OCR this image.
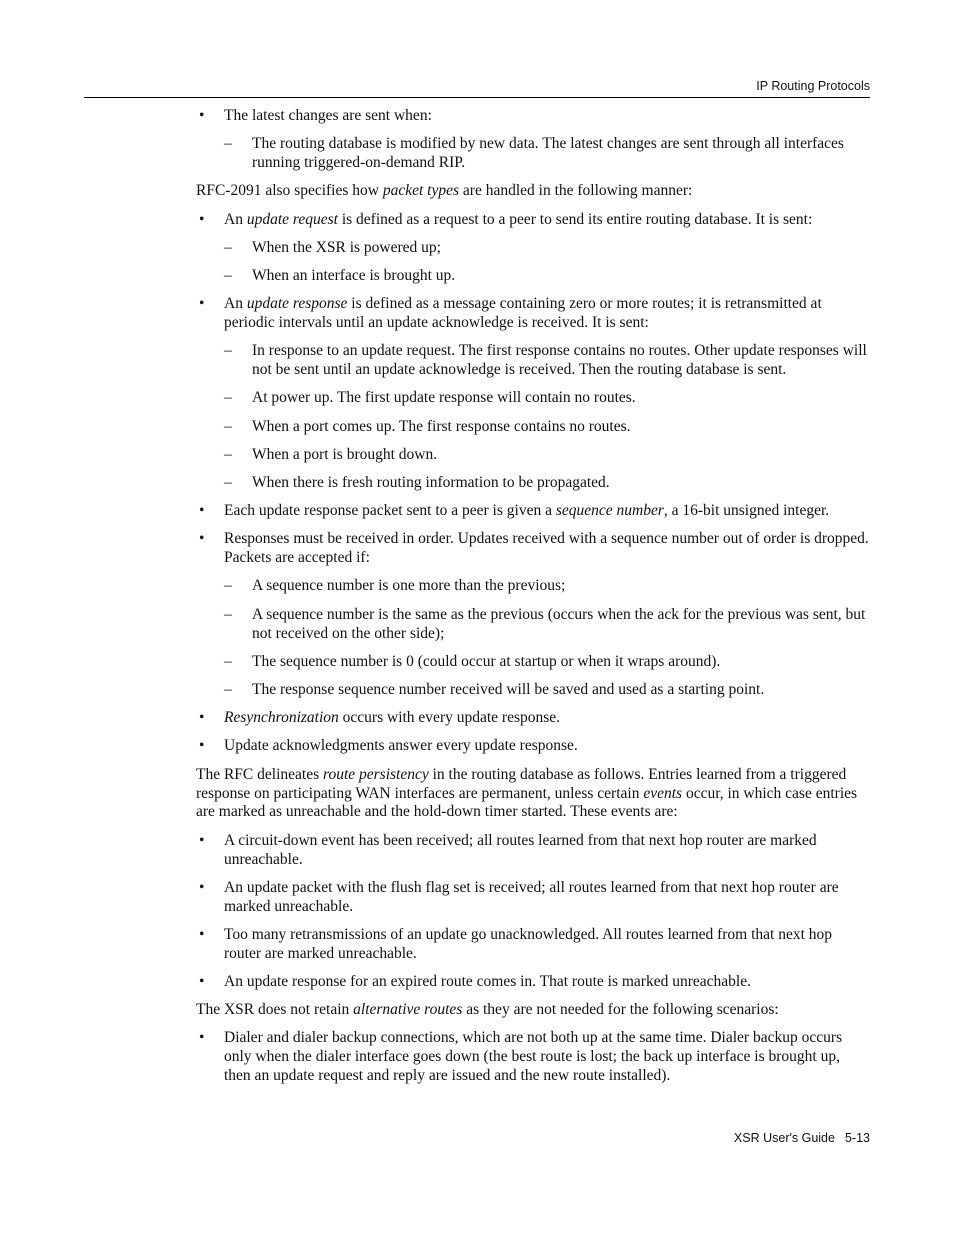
IP Routing Protocols
• The latest changes are sent when:
– The routing database is modified by new data. The latest changes are sent through all interfaces running triggered-on-demand RIP.
RFC-2091 also specifies how packet types are handled in the following manner:
• An update request is defined as a request to a peer to send its entire routing database. It is sent:
– When the XSR is powered up;
– When an interface is brought up.
• An update response is defined as a message containing zero or more routes; it is retransmitted at periodic intervals until an update acknowledge is received. It is sent:
– In response to an update request. The first response contains no routes. Other update responses will not be sent until an update acknowledge is received. Then the routing database is sent.
– At power up. The first update response will contain no routes.
– When a port comes up. The first response contains no routes.
– When a port is brought down.
– When there is fresh routing information to be propagated.
• Each update response packet sent to a peer is given a sequence number, a 16-bit unsigned integer.
• Responses must be received in order. Updates received with a sequence number out of order is dropped. Packets are accepted if:
– A sequence number is one more than the previous;
– A sequence number is the same as the previous (occurs when the ack for the previous was sent, but not received on the other side);
– The sequence number is 0 (could occur at startup or when it wraps around).
– The response sequence number received will be saved and used as a starting point.
• Resynchronization occurs with every update response.
• Update acknowledgments answer every update response.
The RFC delineates route persistency in the routing database as follows. Entries learned from a triggered response on participating WAN interfaces are permanent, unless certain events occur, in which case entries are marked as unreachable and the hold-down timer started. These events are:
• A circuit-down event has been received; all routes learned from that next hop router are marked unreachable.
• An update packet with the flush flag set is received; all routes learned from that next hop router are marked unreachable.
• Too many retransmissions of an update go unacknowledged. All routes learned from that next hop router are marked unreachable.
• An update response for an expired route comes in. That route is marked unreachable.
The XSR does not retain alternative routes as they are not needed for the following scenarios:
• Dialer and dialer backup connections, which are not both up at the same time. Dialer backup occurs only when the dialer interface goes down (the best route is lost; the back up interface is brought up, then an update request and reply are issued and the new route installed).
XSR User's Guide 5-13
